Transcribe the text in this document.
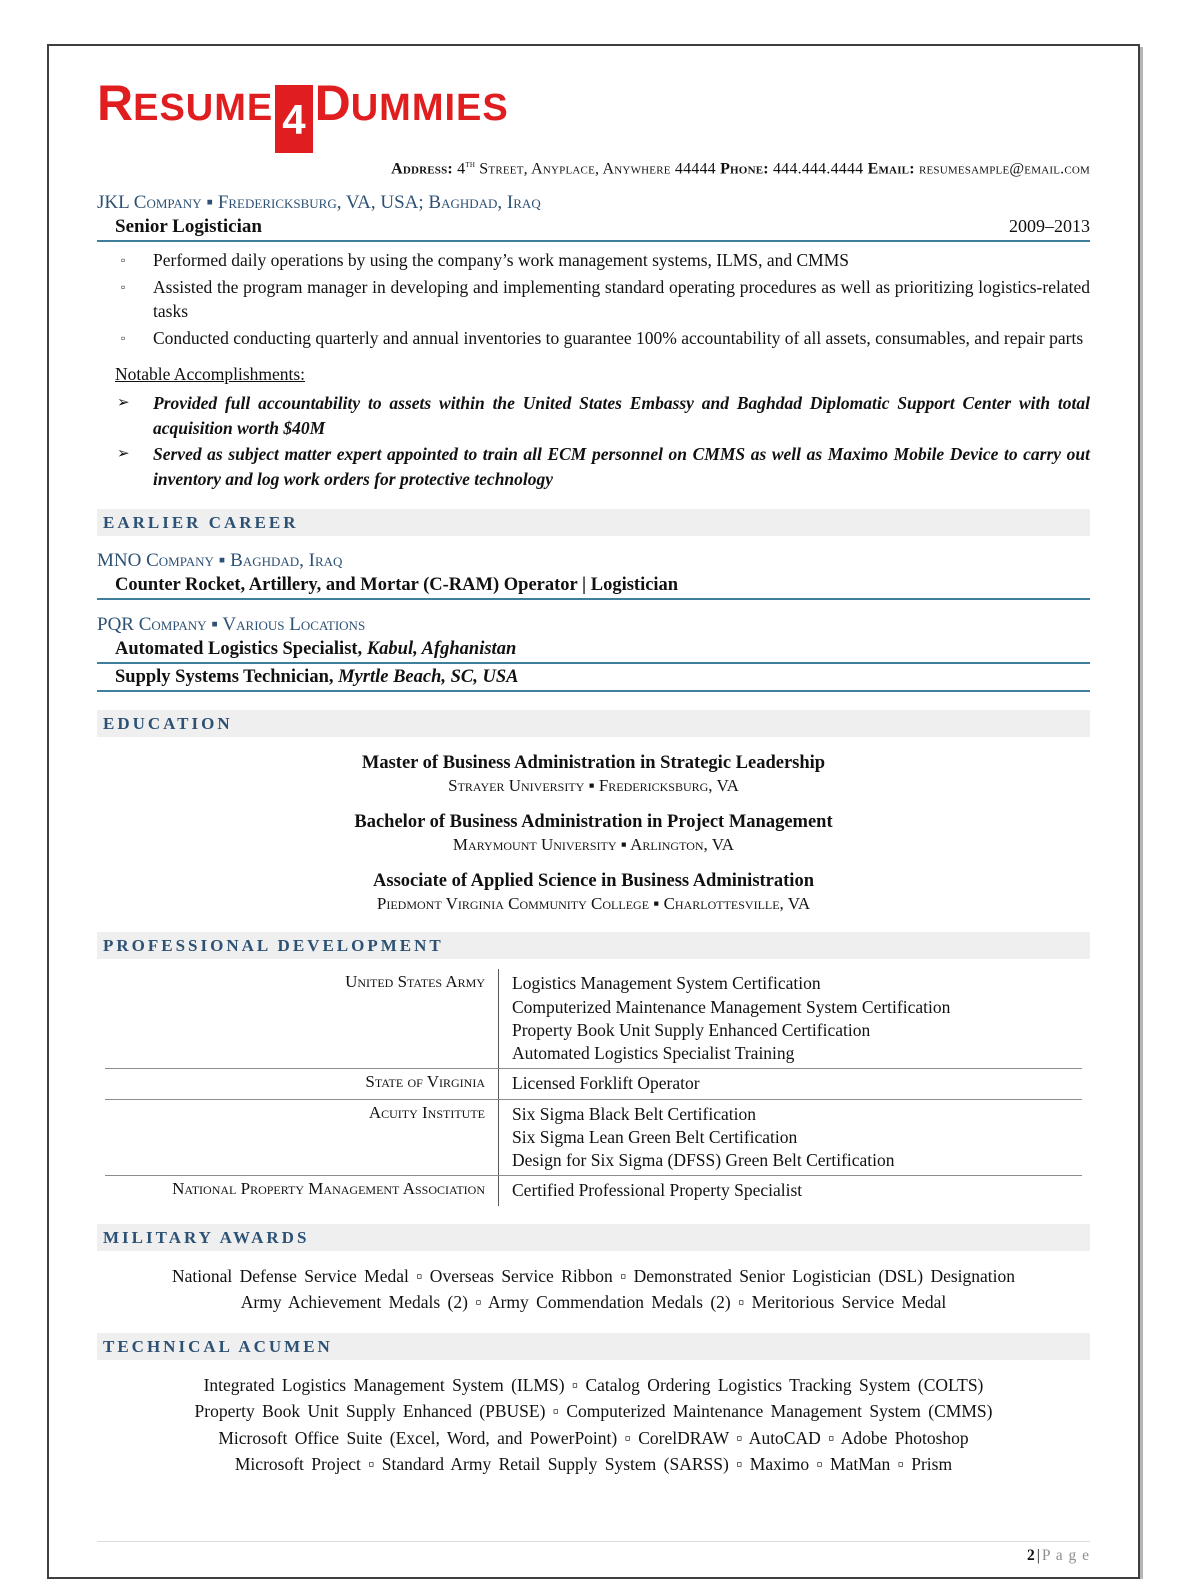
RESUME 4 DUMMIES
Address: 4th Street, Anyplace, Anywhere 44444 Phone: 444.444.4444 Email: resumesample@email.com
JKL Company ▪ Fredericksburg, VA, USA; Baghdad, Iraq
Senior Logistician	2009–2013
▫	Performed daily operations by using the company’s work management systems, ILMS, and CMMS
▫	Assisted the program manager in developing and implementing standard operating procedures as well as prioritizing logistics-related tasks
▫	Conducted conducting quarterly and annual inventories to guarantee 100% accountability of all assets, consumables, and repair parts
Notable Accomplishments:
➢	Provided full accountability to assets within the United States Embassy and Baghdad Diplomatic Support Center with total acquisition worth $40M
➢	Served as subject matter expert appointed to train all ECM personnel on CMMS as well as Maximo Mobile Device to carry out inventory and log work orders for protective technology
EARLIER CAREER
MNO Company ▪ Baghdad, Iraq
Counter Rocket, Artillery, and Mortar (C-RAM) Operator | Logistician
PQR Company ▪ Various Locations
Automated Logistics Specialist, Kabul, Afghanistan
Supply Systems Technician, Myrtle Beach, SC, USA
EDUCATION
Master of Business Administration in Strategic Leadership
Strayer University ▪ Fredericksburg, VA
Bachelor of Business Administration in Project Management
Marymount University ▪ Arlington, VA
Associate of Applied Science in Business Administration
Piedmont Virginia Community College ▪ Charlottesville, VA
PROFESSIONAL DEVELOPMENT
United States Army	Logistics Management System Certification
Computerized Maintenance Management System Certification
Property Book Unit Supply Enhanced Certification
Automated Logistics Specialist Training
State of Virginia	Licensed Forklift Operator
Acuity Institute	Six Sigma Black Belt Certification
Six Sigma Lean Green Belt Certification
Design for Six Sigma (DFSS) Green Belt Certification
National Property Management Association	Certified Professional Property Specialist
MILITARY AWARDS
National Defense Service Medal ▫ Overseas Service Ribbon ▫ Demonstrated Senior Logistician (DSL) Designation
Army Achievement Medals (2) ▫ Army Commendation Medals (2) ▫ Meritorious Service Medal
TECHNICAL ACUMEN
Integrated Logistics Management System (ILMS) ▫ Catalog Ordering Logistics Tracking System (COLTS)
Property Book Unit Supply Enhanced (PBUSE) ▫ Computerized Maintenance Management System (CMMS)
Microsoft Office Suite (Excel, Word, and PowerPoint) ▫ CorelDRAW ▫ AutoCAD ▫ Adobe Photoshop
Microsoft Project ▫ Standard Army Retail Supply System (SARSS) ▫ Maximo ▫ MatMan ▫ Prism
2 | P a g e
